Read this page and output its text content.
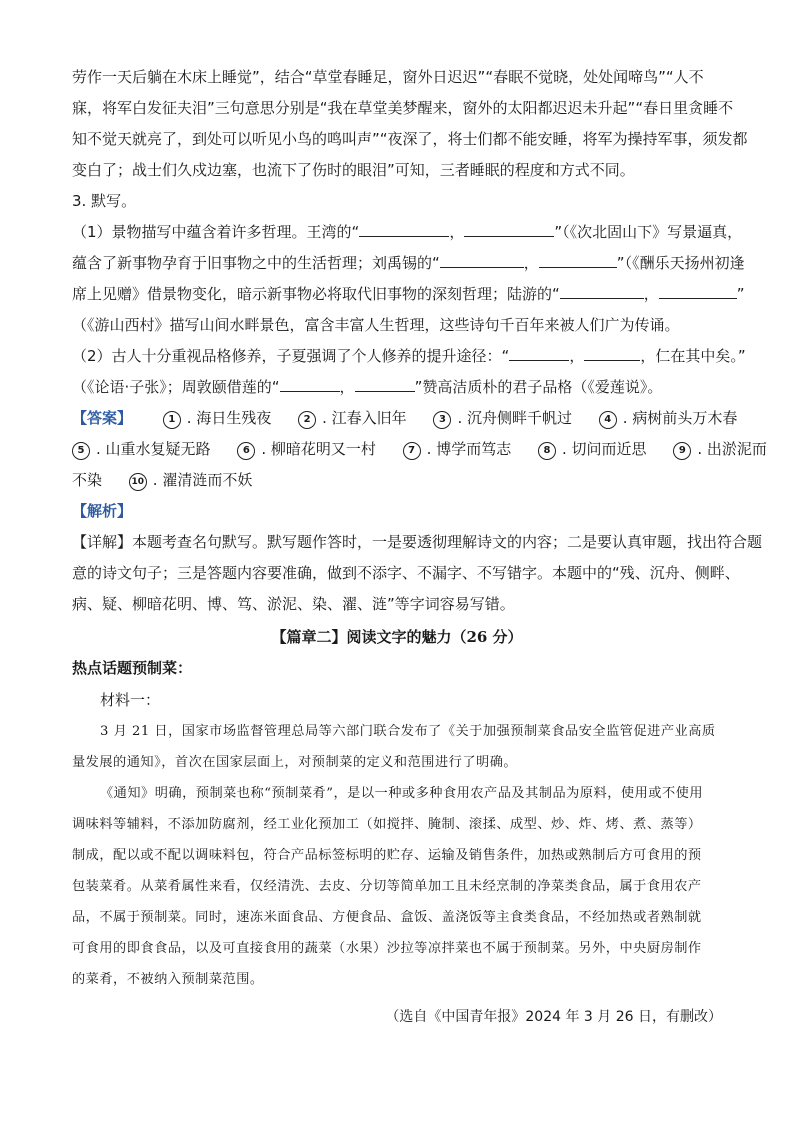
劳作一天后躺在木床上睡觉”，结合“草堂春睡足，窗外日迟迟”“春眠不觉晓，处处闻啼鸟”“人不

寐，将军白发征夫泪”三句意思分别是“我在草堂美梦醒来，窗外的太阳都迟迟未升起”“春日里贪睡不

知不觉天就亮了，到处可以听见小鸟的鸣叫声”“夜深了，将士们都不能安睡，将军为操持军事，须发都

变白了；战士们久戍边塞，也流下了伤时的眼泪”可知，三者睡眠的程度和方式不同。

3. 默写。

（1）景物描写中蕴含着许多哲理。王湾的“	，	”（《次北固山下》写景逼真，

蕴含了新事物孕育于旧事物之中的生活哲理；刘禹锡的“	，	”（《酬乐天扬州初逢

席上见赠》借景物变化，暗示新事物必将取代旧事物的深刻哲理；陆游的“	，	”

（《游山西村》描写山间水畔景色，富含丰富人生哲理，这些诗句千百年来被人们广为传诵。

（2）古人十分重视品格修养，子夏强调了个人修养的提升途径：“	，	，仁在其中矣。”

（《论语·子张》；周敦颐借莲的“	，	”赞高洁质朴的君子品格（《爱莲说》。

【答案】	1 . 海日生残夜	2 . 江春入旧年	3 . 沉舟侧畔千帆过	4 . 病树前头万木春

5 . 山重水复疑无路	6 . 柳暗花明又一村	7 . 博学而笃志	8 . 切问而近思	9 . 出淤泥而

不染	10 . 濯清涟而不妖

【解析】

【详解】本题考查名句默写。默写题作答时，一是要透彻理解诗文的内容；二是要认真审题，找出符合题

意的诗文句子；三是答题内容要准确，做到不添字、不漏字、不写错字。本题中的“残、沉舟、侧畔、

病、疑、柳暗花明、博、笃、淤泥、染、濯、涟”等字词容易写错。

【篇章二】阅读文字的魅力（26 分）

热点话题预制菜：

材料一：

3 月 21 日，国家市场监督管理总局等六部门联合发布了《关于加强预制菜食品安全监管促进产业高质

量发展的通知》，首次在国家层面上，对预制菜的定义和范围进行了明确。

《通知》明确，预制菜也称“预制菜肴”，是以一种或多种食用农产品及其制品为原料，使用或不使用

调味料等辅料，不添加防腐剂，经工业化预加工（如搅拌、腌制、滚揉、成型、炒、炸、烤、煮、蒸等）

制成，配以或不配以调味料包，符合产品标签标明的贮存、运输及销售条件，加热或熟制后方可食用的预

包装菜肴。从菜肴属性来看，仅经清洗、去皮、分切等简单加工且未经烹制的净菜类食品，属于食用农产

品，不属于预制菜。同时，速冻米面食品、方便食品、盒饭、盖浇饭等主食类食品，不经加热或者熟制就

可食用的即食食品，以及可直接食用的蔬菜（水果）沙拉等凉拌菜也不属于预制菜。另外，中央厨房制作

的菜肴，不被纳入预制菜范围。

（选自《中国青年报》2024 年 3 月 26 日，有删改）
